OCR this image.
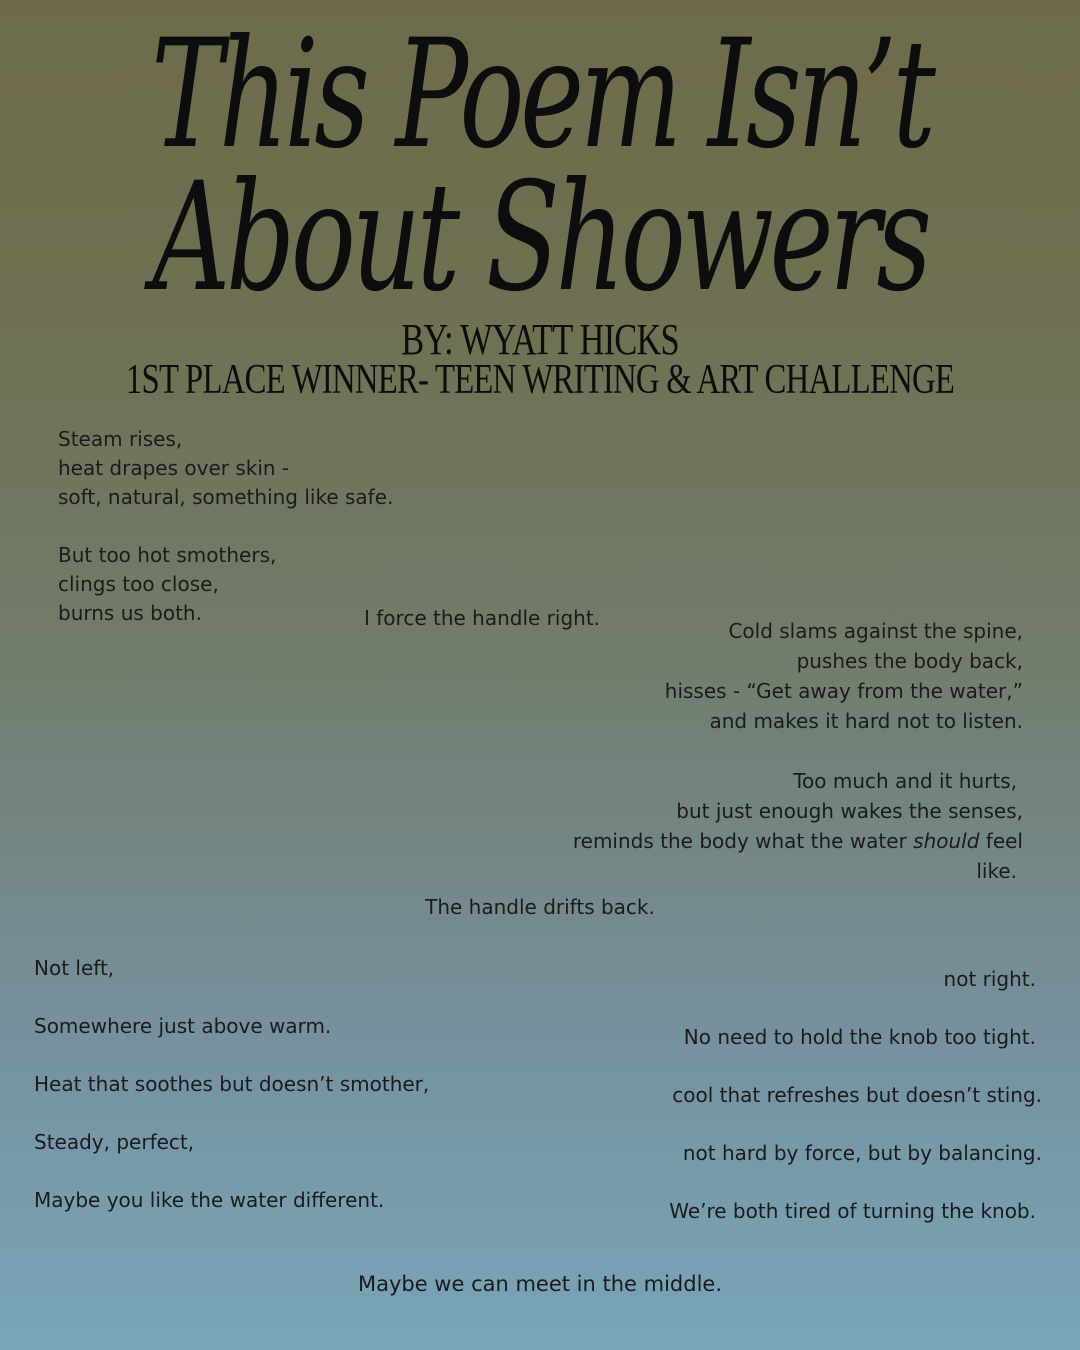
This Poem Isn’t
About Showers
BY: WYATT HICKS
1ST PLACE WINNER- TEEN WRITING & ART CHALLENGE

Steam rises,

heat drapes over skin -

soft, natural, something like safe.

But too hot smothers,

clings too close,

burns us both.	I force the handle right.

Cold slams against the spine,

pushes the body back,

hisses - “Get away from the water,”

and makes it hard not to listen.

Too much and it hurts,

but just enough wakes the senses,

reminds the body what the water should feel

like.

The handle drifts back.

Not left,

Somewhere just above warm.

Heat that soothes but doesn’t smother,

Steady, perfect,

Maybe you like the water different.

not right.

No need to hold the knob too tight.

cool that refreshes but doesn’t sting.

not hard by force, but by balancing.

We’re both tired of turning the knob.

Maybe we can meet in the middle.
